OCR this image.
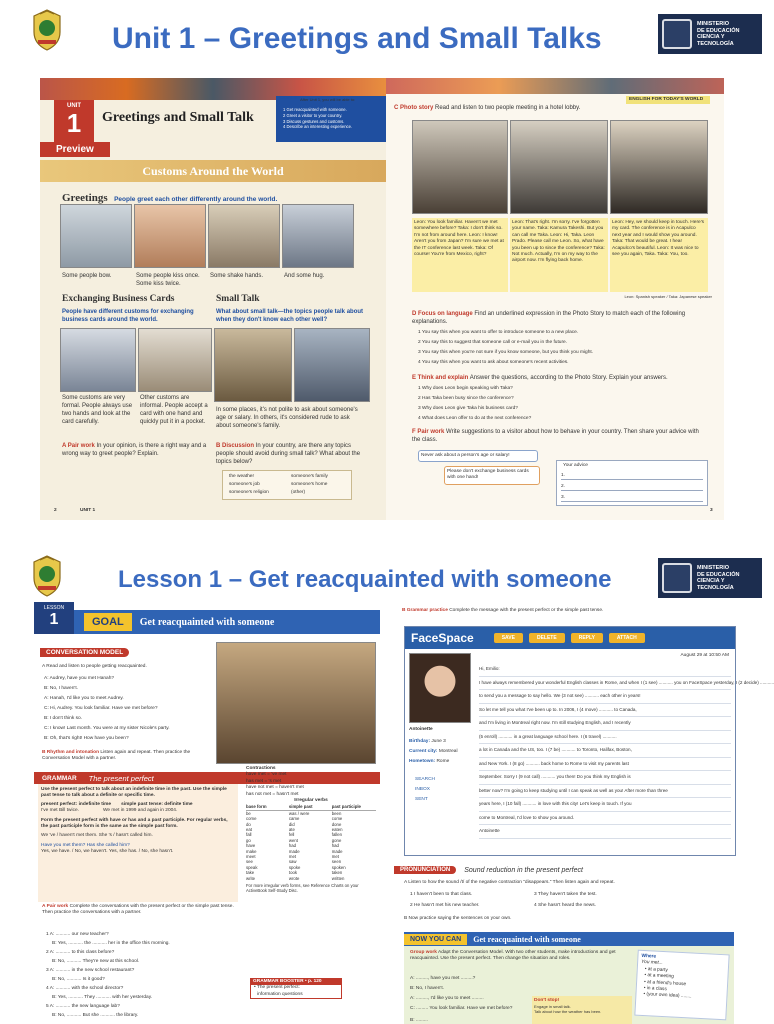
Unit 1 – Greetings and Small Talks	MINISTERIO
DE EDUCACIÓN
CIENCIA Y
TECNOLOGÍA
UNIT
1	Greetings and Small Talk
Preview
Customs Around the World
Greetings People greet each other differently around the world.
Some people bow.	Some people kiss once. Some kiss twice.
Some shake hands.	And some hug.
Exchanging Business Cards
People have different customs for exchanging business cards around the world.
Some customs are very formal. People always use two hands and look at the card carefully.
Other customs are informal. People accept a card with one hand and quickly put it in a pocket.
Small Talk
What about small talk—the topics people talk about when they don't know each other well?
In some places, it's not polite to ask about someone's age or salary. In others, it's considered rude to ask about someone's family.
A Pair work In your opinion, is there a right way and a wrong way to greet people? Explain.
B Discussion In your country, are there any topics people should avoid during small talk? What about the topics below?
the weather	someone's family
someone's job	someone's home
someone's religion	(other)
2	UNIT 1
C Photo story Read and listen to two people meeting in a hotel lobby.
ENGLISH FOR TODAY'S WORLD
Leon: You look familiar. Haven't we met somewhere before? Taka: I don't think so. I'm not from around here. Leon: I know! Aren't you from Japan? I'm sure we met at the IT conference last week. Taka: Of course! You're from Mexico, right?
Leon: That's right. I'm sorry. I've forgotten your name. Taka: Kamura Takeshi. But you can call me Taka. Leon: Hi, Taka. Leon Prado. Please call me Leon. So, what have you been up to since the conference? Taka: Not much. Actually, I'm on my way to the airport now. I'm flying back home.
Leon: Hey, we should keep in touch. Here's my card. The conference is in Acapulco next year and I would show you around. Taka: That would be great. I hear Acapulco's beautiful. Leon: It was nice to see you again, Taka. Taka: You, too.
Leon: Spanish speaker / Taka: Japanese speaker
D Focus on language Find an underlined expression in the Photo Story to match each of the following explanations.
1 You say this when you want to offer to introduce someone to a new place.
2 You say this to suggest that someone call or e-mail you in the future.
3 You say this when you're not sure if you know someone, but you think you might.
4 You say this when you want to ask about someone's recent activities.
E Think and explain Answer the questions, according to the Photo Story. Explain your answers.
1 Why does Leon begin speaking with Taka?
2 Has Taka been busy since the conference?
3 Why does Leon give Taka his business card?
4 What does Leon offer to do at the next conference?
F Pair work Write suggestions to a visitor about how to behave in your country. Then share your advice with the class.
Never ask about a person's age or salary!
Please don't exchange business cards with one hand!
Your advice
1.
2.
3.
3
GOALS After Unit 1, you will be able to:
1 Get reacquainted with someone.
2 Greet a visitor to your country.
3 Discuss gestures and customs.
4 Describe an interesting experience.
Lesson 1 – Get reacquainted with someone	MINISTERIO
DE EDUCACIÓN
CIENCIA Y
TECNOLOGÍA
LESSON
1	GOAL	Get reacquainted with someone
CONVERSATION MODEL
A Read and listen to people getting reacquainted.
A: Audrey, have you met Hanah?
B: No, I haven't.
A: Hanah, I'd like you to meet Audrey.
C: Hi, Audrey. You look familiar. Have we met before?
B: I don't think so.
C: I know! Last month. You were at my sister Nicole's party.
B: Oh, that's right! How have you been?
B Rhythm and intonation Listen again and repeat. Then practice the Conversation Model with a partner.
GRAMMAR The present perfect
Use the present perfect to talk about an indefinite time in the past. Use the simple past tense to talk about a definite or specific time.
present perfect: indefinite time simple past tense: definite time
I've met Bill twice.	We met in 1999 and again in 2004.
Form the present perfect with have or has and a past participle. For regular verbs, the past participle form is the same as the simple past form.
We 've / haven't met them. She 's / hasn't called him.
Have you met them? Has she called him?
Yes, we have. / No, we haven't. Yes, she has. / No, she hasn't.
Contractions
have met = 've met
has met = 's met
have not met = haven't met
has not met = hasn't met
Irregular verbs
base form	simple past	past participle
be	was / were	been
come	came	come
do	did	done
eat	ate	eaten
fall	fell	fallen
go	went	gone
have	had	had
make	made	made
meet	met	met
see	saw	seen
speak	spoke	spoken
take	took	taken
write	wrote	written
For more irregular verb forms, see Reference Charts on your ActiveBook Self-Study Disc.
GRAMMAR BOOSTER • p. 120
• The present perfect:
information questions
A Pair work Complete the conversations with the present perfect or the simple past tense. Then practice the conversations with a partner.
1 A: ........... our new teacher?
B: Yes, ........... the ........... her in the office this morning.
2 A: ........... to this class before?
B: No, ........... They're new at this school.
3 A: ........... in the new school restaurant?
B: No, ........... Is it good?
4 A: ........... with the school director?
B: Yes, ........... They ........... with her yesterday.
5 A: ........... the new language lab?
B: No, ........... But she ........... the library.
B Grammar practice Complete the message with the present perfect or the simple past tense.
FaceSpace	SAVE	DELETE	REPLY	ATTACH
August 29 at 10:50 AM
Antoinette
Birthday: June 3
Current city: Montreal
Hometown: Rome
SEARCH
INBOX
SENT
Hi, Emilio:
I have always remembered your wonderful English classes in Rome, and when I (1 see) ........... you on FaceSpace yesterday, I (2 decide) ...........
to send you a message to say hello. We (3 not see) ........... each other in years!
So let me tell you what I've been up to. In 2006, I (4 move) ........... to Canada,
and I'm living in Montreal right now. I'm still studying English, and I recently
(5 enroll) ........... in a great language school here. I (6 travel) ...........
a lot in Canada and the US, too. I (7 be) ........... to Toronto, Halifax, Boston,
and New York. I (8 go) ........... back home to Rome to visit my parents last
September. Sorry I (9 not call) ........... you then! Do you think my English is
better now? I'm going to keep studying until I can speak as well as you! After more than three
years here, I (10 fall) ........... in love with this city! Let's keep in touch. If you
come to Montreal, I'd love to show you around.
Antoinette
PRONUNCIATION	Sound reduction in the present perfect
A Listen to how the sound /t/ of the negative contraction "disappears." Then listen again and repeat.
1 I haven't been to that class.	3 They haven't taken the test.
2 He hasn't met his new teacher.	4 She hasn't heard the news.
B Now practice saying the sentences on your own.
NOW YOU CAN	Get reacquainted with someone
Group work Adapt the Conversation Model. With two other students, make introductions and get reacquainted. Use the present perfect. Then change the situation and roles.
A: ........., have you met .........?
B: No, I haven't.
A: ........., I'd like you to meet .........
C: ......... You look familiar. Have we met before?
B: .........
Don't stop!
Engage in small talk.
Talk about how the weather has been.
Where
You met...
• at a party
• at a meeting
• at a friend's house
• in a class
• (your own idea) ........
